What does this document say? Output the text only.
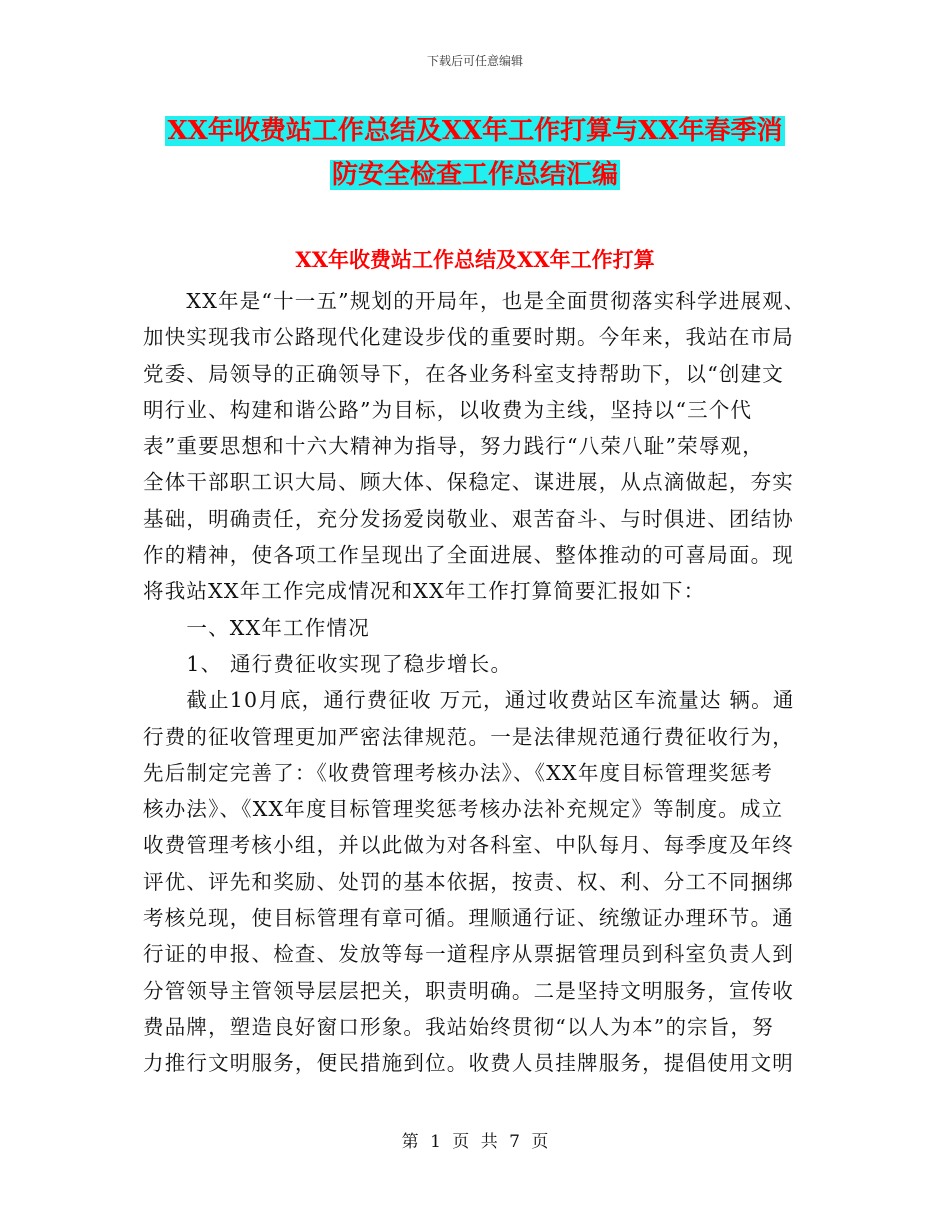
下载后可任意编辑
XX年收费站工作总结及XX年工作打算与XX年春季消
防安全检查工作总结汇编
XX年收费站工作总结及XX年工作打算
　　XX年是“十一五”规划的开局年，也是全面贯彻落实科学进展观、
加快实现我市公路现代化建设步伐的重要时期。今年来，我站在市局
党委、局领导的正确领导下，在各业务科室支持帮助下，以“创建文
明行业、构建和谐公路”为目标，以收费为主线，坚持以“三个代
表”重要思想和十六大精神为指导，努力践行“八荣八耻”荣辱观，
全体干部职工识大局、顾大体、保稳定、谋进展，从点滴做起，夯实
基础，明确责任，充分发扬爱岗敬业、艰苦奋斗、与时俱进、团结协
作的精神，使各项工作呈现出了全面进展、整体推动的可喜局面。现
将我站XX年工作完成情况和XX年工作打算简要汇报如下：
　　一、XX年工作情况
　　1、 通行费征收实现了稳步增长。
　　截止10月底，通行费征收 万元，通过收费站区车流量达 辆。通
行费的征收管理更加严密法律规范。一是法律规范通行费征收行为，
先后制定完善了：《收费管理考核办法》、《XX年度目标管理奖惩考
核办法》、《XX年度目标管理奖惩考核办法补充规定》等制度。成立
收费管理考核小组，并以此做为对各科室、中队每月、每季度及年终
评优、评先和奖励、处罚的基本依据，按责、权、利、分工不同捆绑
考核兑现，使目标管理有章可循。理顺通行证、统缴证办理环节。通
行证的申报、检查、发放等每一道程序从票据管理员到科室负责人到
分管领导主管领导层层把关，职责明确。二是坚持文明服务，宣传收
费品牌，塑造良好窗口形象。我站始终贯彻“以人为本”的宗旨，努
力推行文明服务，便民措施到位。收费人员挂牌服务，提倡使用文明
第 1 页 共 7 页
